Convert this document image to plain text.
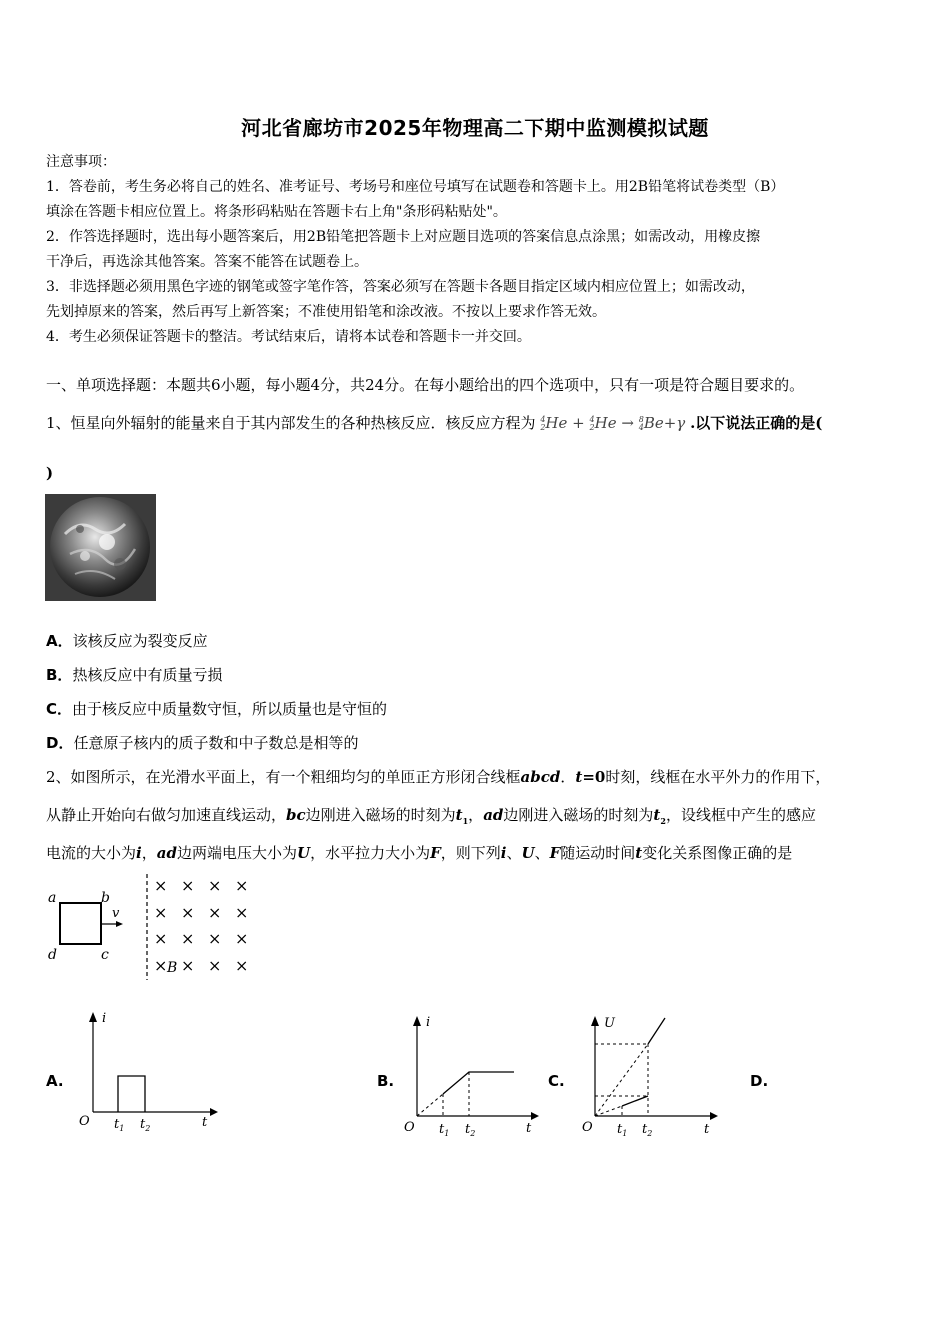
河北省廊坊市2025年物理高二下期中监测模拟试题
注意事项：
1．答卷前，考生务必将自己的姓名、准考证号、考场号和座位号填写在试题卷和答题卡上。用2B铅笔将试卷类型（B）
填涂在答题卡相应位置上。将条形码粘贴在答题卡右上角"条形码粘贴处"。
2．作答选择题时，选出每小题答案后，用2B铅笔把答题卡上对应题目选项的答案信息点涂黑；如需改动，用橡皮擦
干净后，再选涂其他答案。答案不能答在试题卷上。
3．非选择题必须用黑色字迹的钢笔或签字笔作答，答案必须写在答题卡各题目指定区域内相应位置上；如需改动，
先划掉原来的答案，然后再写上新答案；不准使用铅笔和涂改液。不按以上要求作答无效。
4．考生必须保证答题卡的整洁。考试结束后，请将本试卷和答题卡一并交回。
一、单项选择题：本题共6小题，每小题4分，共24分。在每小题给出的四个选项中，只有一项是符合题目要求的。
1、恒星向外辐射的能量来自于其内部发生的各种热核反应．核反应方程为 4
2He + 4
2He → 8
4Be+γ .以下说法正确的是(
)
A．该核反应为裂变反应
B．热核反应中有质量亏损
C．由于核反应中质量数守恒，所以质量也是守恒的
D．任意原子核内的质子数和中子数总是相等的
2、如图所示，在光滑水平面上，有一个粗细均匀的单匝正方形闭合线框abcd．t=0时刻，线框在水平外力的作用下，
从静止开始向右做匀加速直线运动，bc边刚进入磁场的时刻为$t_1$，ad边刚进入磁场的时刻为$t_2$，设线框中产生的感应
电流的大小为i，ad边两端电压大小为U，水平拉力大小为F，则下列i、U、F随运动时间t变化关系图像正确的是
a	b
d	c
v
× × × ×
× × × ×
× × × ×
× × × ×
B
A.	B.	C.	D.
i
O	t
$t_1$ $t_2$
i
O	t
$t_1$ $t_2$
U
O	t
$t_1$ $t_2$
